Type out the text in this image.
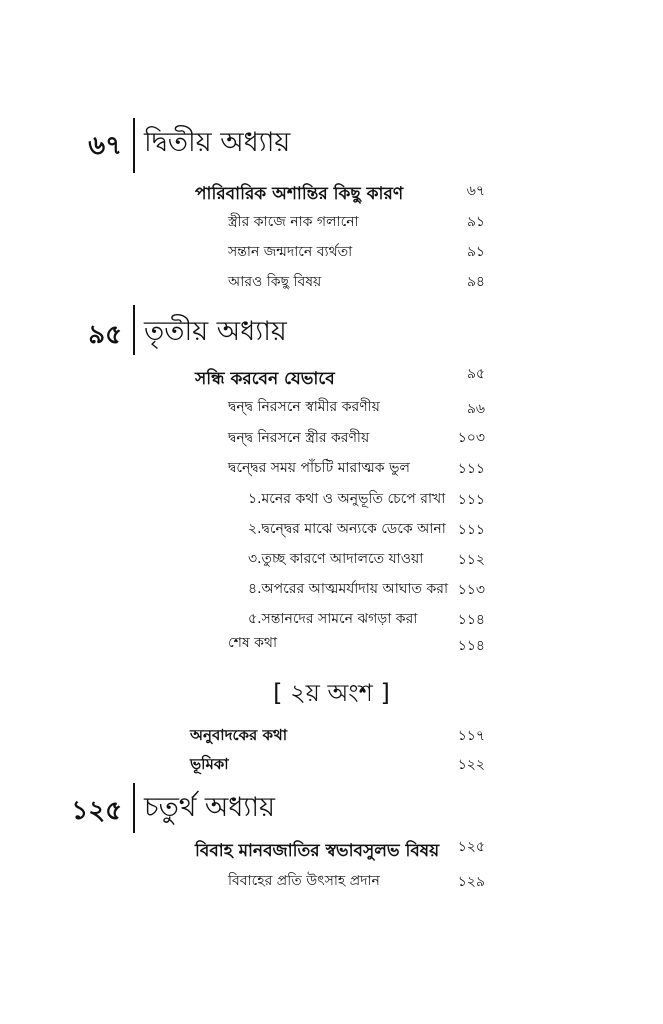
৬৭ দ্বিতীয় অধ্যায়
পারিবারিক অশান্তির কিছু কারণ	৬৭
স্ত্রীর কাজে নাক গলানো	৯১
সন্তান জন্মদানে ব্যর্থতা	৯১
আরও কিছু বিষয়	৯৪
৯৫ তৃতীয় অধ্যায়
সন্ধি করবেন যেভাবে	৯৫
দ্বন্দ্ব নিরসনে স্বামীর করণীয়	৯৬
দ্বন্দ্ব নিরসনে স্ত্রীর করণীয়	১০৩
দ্বন্দ্বের সময় পাঁচটি মারাত্মক ভুল	১১১
১.মনের কথা ও অনুভূতি চেপে রাখা ১১১
২.দ্বন্দ্বের মাঝে অন্যকে ডেকে আনা ১১১
৩.তুচ্ছ কারণে আদালতে যাওয়া	১১২
৪.অপরের আত্মমর্যাদায় আঘাত করা ১১৩
৫.সন্তানদের সামনে ঝগড়া করা	১১৪
শেষ কথা	১১৪
[ ২য় অংশ ]
অনুবাদকের কথা	১১৭
ভূমিকা	১২২
১২৫ চতুর্থ অধ্যায়
বিবাহ মানবজাতির স্বভাবসুলভ বিষয়	১২৫
বিবাহের প্রতি উৎসাহ প্রদান	১২৯
